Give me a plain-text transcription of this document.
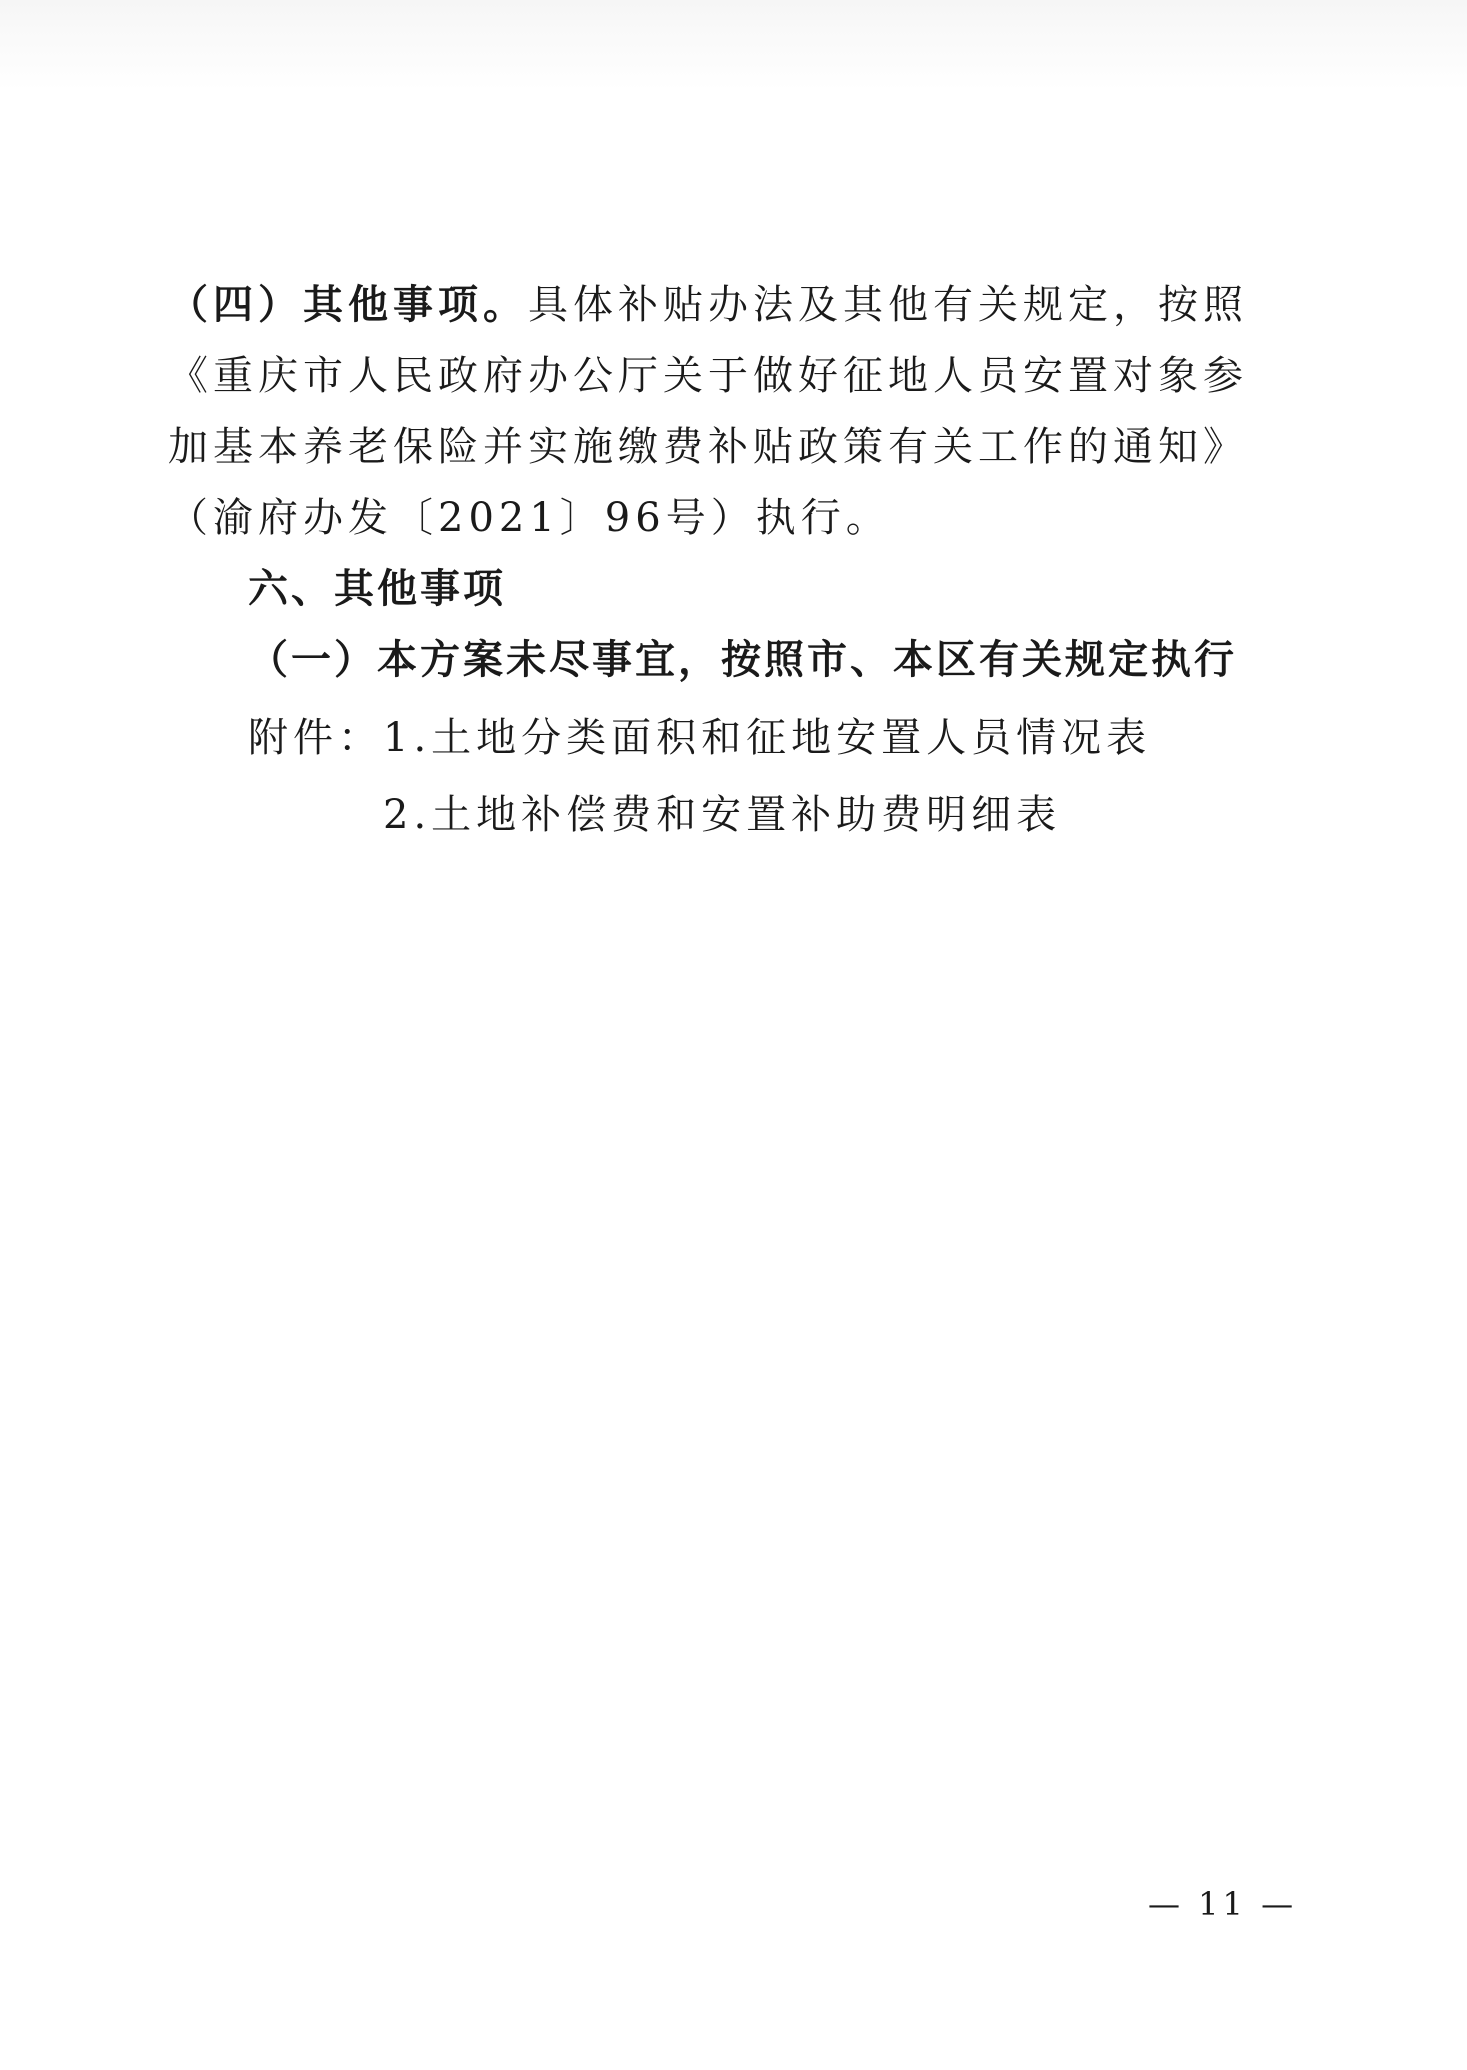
（四）其他事项。具体补贴办法及其他有关规定，按照《重庆市人民政府办公厅关于做好征地人员安置对象参加基本养老保险并实施缴费补贴政策有关工作的通知》（渝府办发〔2021〕96号）执行。

六、其他事项

（一）本方案未尽事宜，按照市、本区有关规定执行

附件： 1.土地分类面积和征地安置人员情况表
2.土地补偿费和安置补助费明细表
— 11 —
